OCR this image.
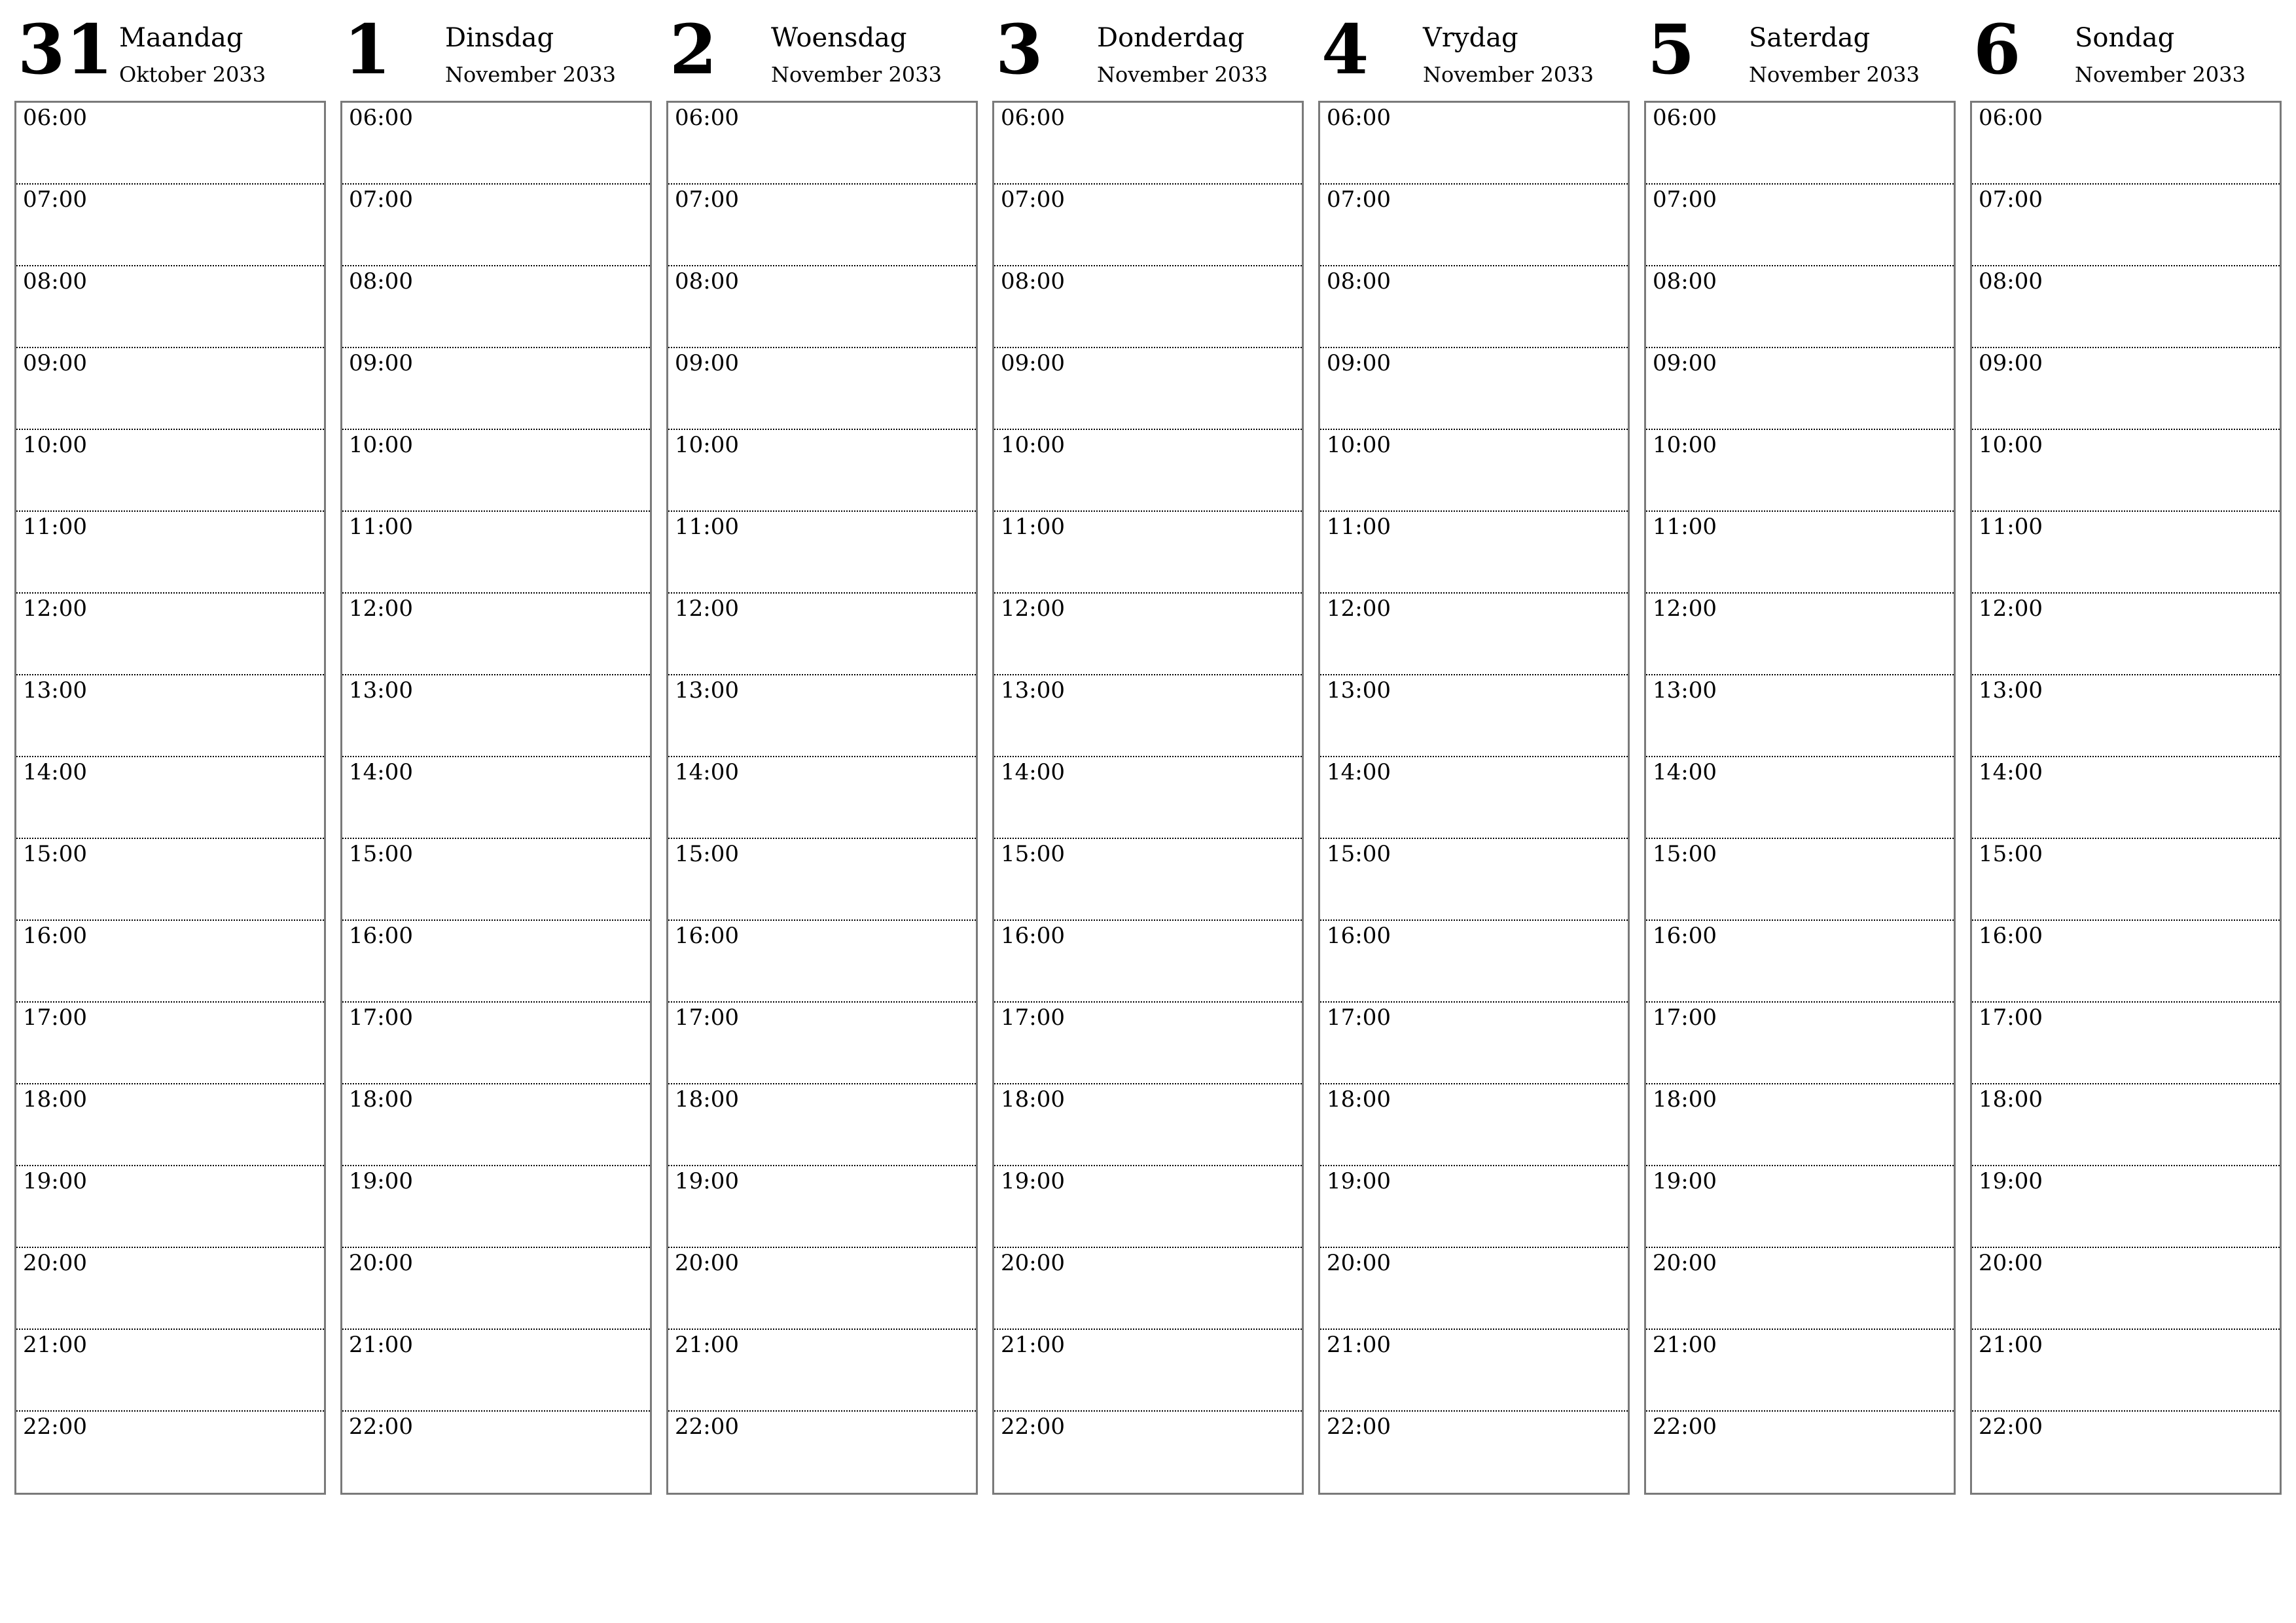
31 Maandag
Oktober 2033
06:00
07:00
08:00
09:00
10:00
11:00
12:00
13:00
14:00
15:00
16:00
17:00
18:00
19:00
20:00
21:00
22:00
1 Dinsdag
November 2033
06:00
07:00
08:00
09:00
10:00
11:00
12:00
13:00
14:00
15:00
16:00
17:00
18:00
19:00
20:00
21:00
22:00
2 Woensdag
November 2033
06:00
07:00
08:00
09:00
10:00
11:00
12:00
13:00
14:00
15:00
16:00
17:00
18:00
19:00
20:00
21:00
22:00
3 Donderdag
November 2033
06:00
07:00
08:00
09:00
10:00
11:00
12:00
13:00
14:00
15:00
16:00
17:00
18:00
19:00
20:00
21:00
22:00
4 Vrydag
November 2033
06:00
07:00
08:00
09:00
10:00
11:00
12:00
13:00
14:00
15:00
16:00
17:00
18:00
19:00
20:00
21:00
22:00
5 Saterdag
November 2033
06:00
07:00
08:00
09:00
10:00
11:00
12:00
13:00
14:00
15:00
16:00
17:00
18:00
19:00
20:00
21:00
22:00
6 Sondag
November 2033
06:00
07:00
08:00
09:00
10:00
11:00
12:00
13:00
14:00
15:00
16:00
17:00
18:00
19:00
20:00
21:00
22:00
